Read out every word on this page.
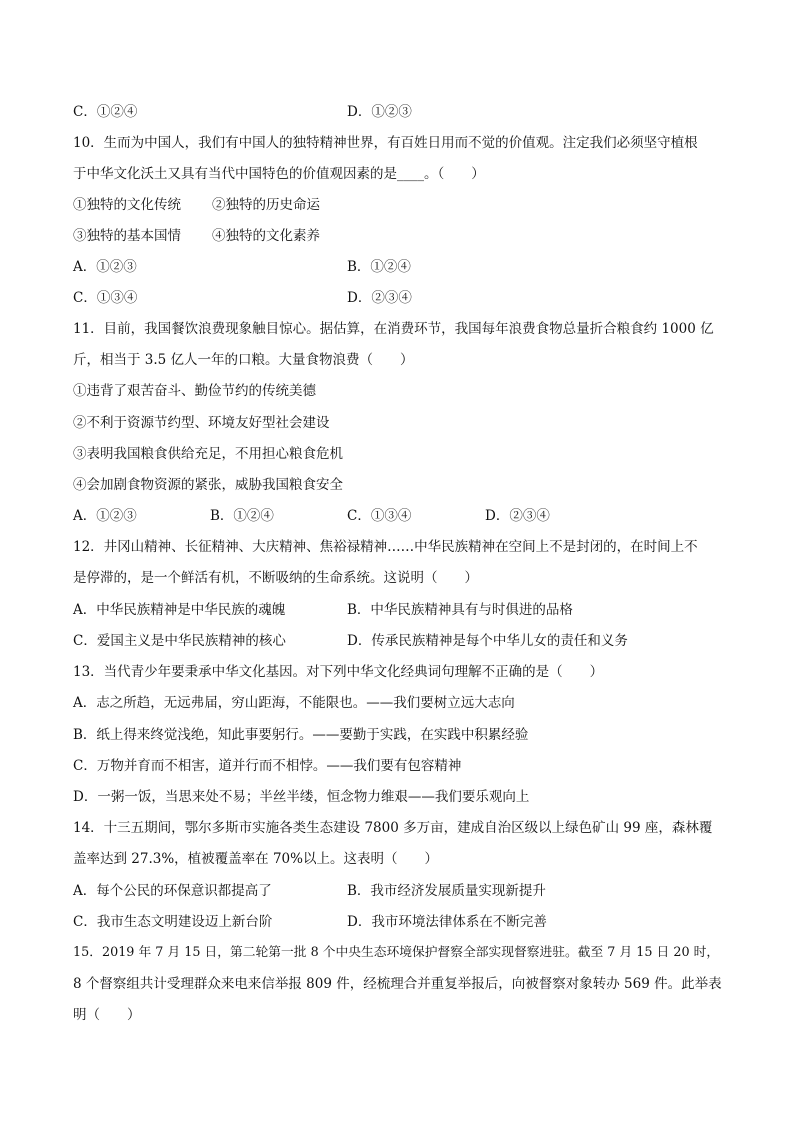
C．①②④	D．①②③
10．生而为中国人，我们有中国人的独特精神世界，有百姓日用而不觉的价值观。注定我们必须坚守植根
于中华文化沃土又具有当代中国特色的价值观因素的是____。（　　）
①独特的文化传统 ②独特的历史命运
③独特的基本国情 ④独特的文化素养
A．①②③	B．①②④
C．①③④	D．②③④
11．目前，我国餐饮浪费现象触目惊心。据估算，在消费环节，我国每年浪费食物总量折合粮食约 1000 亿
斤，相当于 3.5 亿人一年的口粮。大量食物浪费（　　）
①违背了艰苦奋斗、勤俭节约的传统美德
②不利于资源节约型、环境友好型社会建设
③表明我国粮食供给充足，不用担心粮食危机
④会加剧食物资源的紧张，威胁我国粮食安全
A．①②③	B．①②④	C．①③④	D．②③④
12．井冈山精神、长征精神、大庆精神、焦裕禄精神……中华民族精神在空间上不是封闭的，在时间上不
是停滞的，是一个鲜活有机，不断吸纳的生命系统。这说明（　　）
A．中华民族精神是中华民族的魂魄	B．中华民族精神具有与时俱进的品格
C．爱国主义是中华民族精神的核心	D．传承民族精神是每个中华儿女的责任和义务
13．当代青少年要秉承中华文化基因。对下列中华文化经典词句理解不正确的是（　　）
A．志之所趋，无远弗届，穷山距海，不能限也。——我们要树立远大志向
B．纸上得来终觉浅绝，知此事要躬行。——要勤于实践，在实践中积累经验
C．万物并育而不相害，道并行而不相悖。——我们要有包容精神
D．一粥一饭，当思来处不易；半丝半缕，恒念物力维艰——我们要乐观向上
14．十三五期间，鄂尔多斯市实施各类生态建设 7800 多万亩，建成自治区级以上绿色矿山 99 座，森林覆
盖率达到 27.3%，植被覆盖率在 70%以上。这表明（　　）
A．每个公民的环保意识都提高了	B．我市经济发展质量实现新提升
C．我市生态文明建设迈上新台阶	D．我市环境法律体系在不断完善
15．2019 年 7 月 15 日，第二轮第一批 8 个中央生态环境保护督察全部实现督察进驻。截至 7 月 15 日 20 时，
8 个督察组共计受理群众来电来信举报 809 件，经梳理合并重复举报后，向被督察对象转办 569 件。此举表
明（　　）
